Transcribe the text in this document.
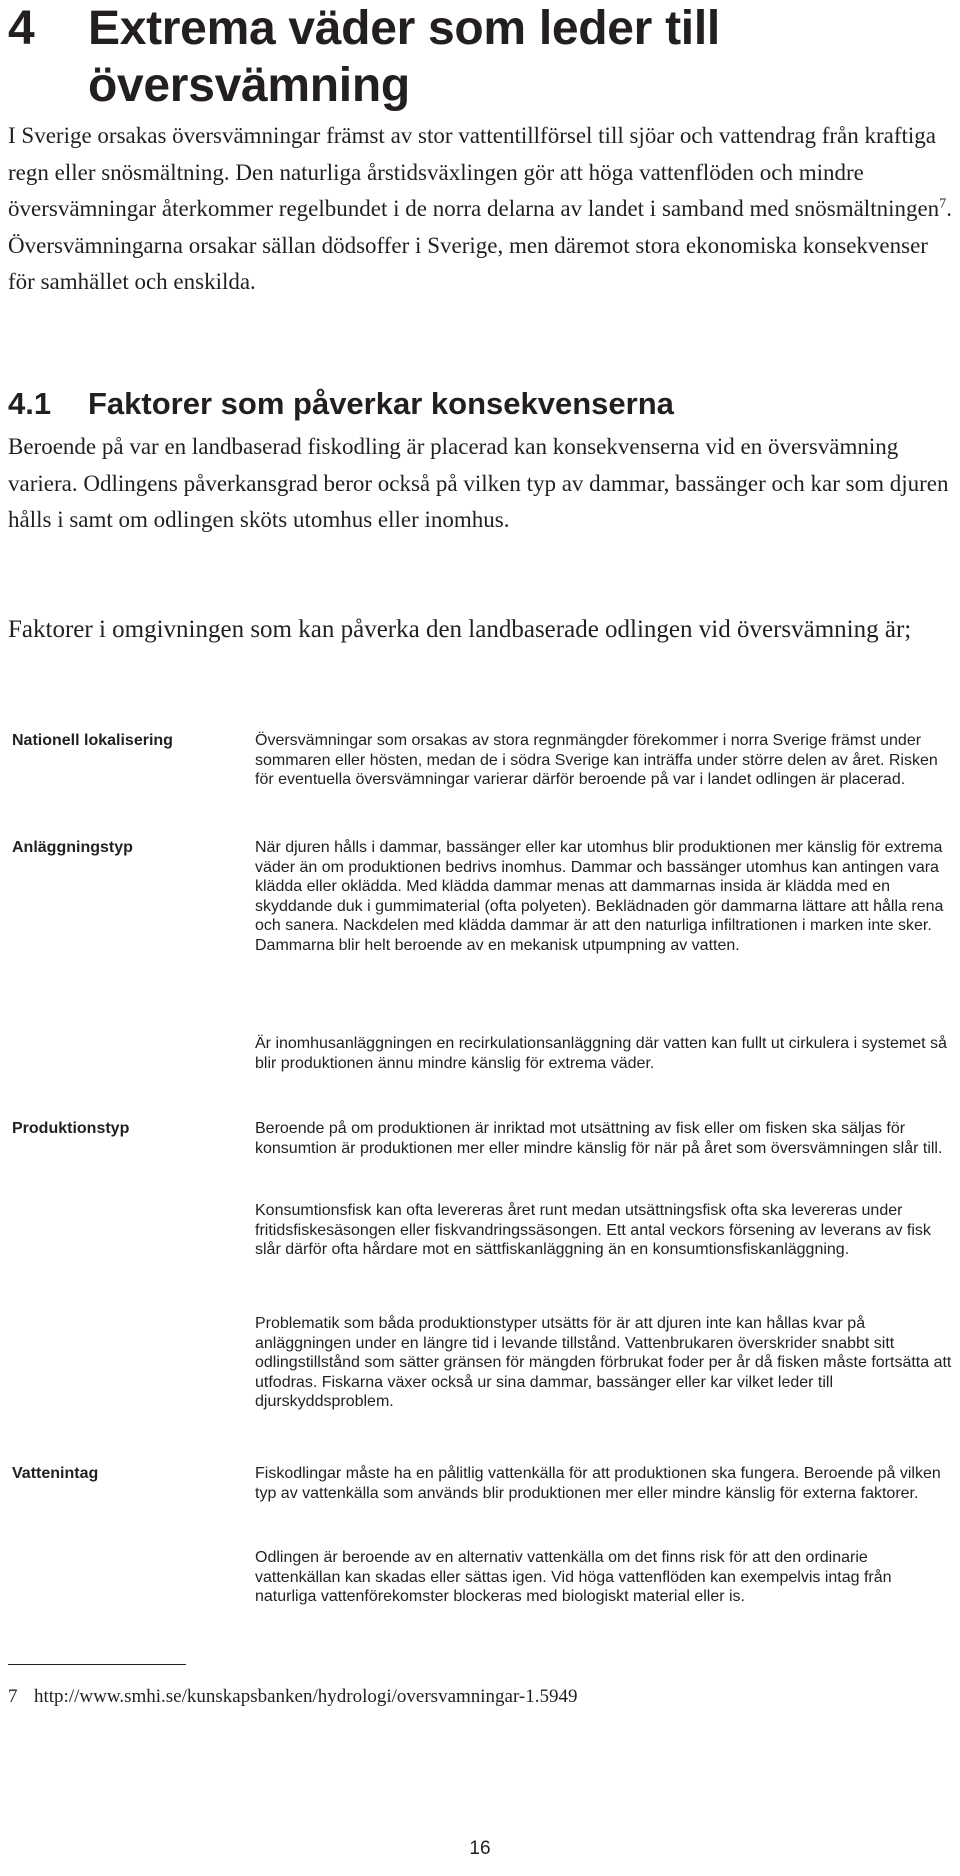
4 Extrema väder som leder till översvämning

I Sverige orsakas översvämningar främst av stor vattentillförsel till sjöar och vattendrag från kraftiga regn eller snösmältning. Den naturliga årstidsväxlingen gör att höga vattenflöden och mindre översvämningar återkommer regelbundet i de norra delarna av landet i samband med snösmältningen$^7$. Översvämningarna orsakar sällan dödsoffer i Sverige, men däremot stora ekonomiska konsekvenser för samhället och enskilda.

4.1 Faktorer som påverkar konsekvenserna

Beroende på var en landbaserad fiskodling är placerad kan konsekvenserna vid en översvämning variera. Odlingens påverkansgrad beror också på vilken typ av dammar, bassänger och kar som djuren hålls i samt om odlingen sköts utomhus eller inomhus.

Faktorer i omgivningen som kan påverka den landbaserade odlingen vid översvämning är;

Nationell lokalisering	Översvämningar som orsakas av stora regnmängder förekommer i norra Sverige främst under sommaren eller hösten, medan de i södra Sverige kan inträffa under större delen av året. Risken för eventuella översvämningar varierar därför beroende på var i landet odlingen är placerad.

Anläggningstyp	När djuren hålls i dammar, bassänger eller kar utomhus blir produktionen mer känslig för extrema väder än om produktionen bedrivs inomhus. Dammar och bassänger utomhus kan antingen vara klädda eller oklädda. Med klädda dammar menas att dammarnas insida är klädda med en skyddande duk i gummimaterial (ofta polyeten). Beklädnaden gör dammarna lättare att hålla rena och sanera. Nackdelen med klädda dammar är att den naturliga infiltrationen i marken inte sker. Dammarna blir helt beroende av en mekanisk utpumpning av vatten.

Är inomhusanläggningen en recirkulationsanläggning där vatten kan fullt ut cirkulera i systemet så blir produktionen ännu mindre känslig för extrema väder.

Produktionstyp	Beroende på om produktionen är inriktad mot utsättning av fisk eller om fisken ska säljas för konsumtion är produktionen mer eller mindre känslig för när på året som översvämningen slår till.

Konsumtionsfisk kan ofta levereras året runt medan utsättningsfisk ofta ska levereras under fritidsfiskesäsongen eller fiskvandringssäsongen. Ett antal veckors försening av leverans av fisk slår därför ofta hårdare mot en sättfiskanläggning än en konsumtionsfiskanläggning.

Problematik som båda produktionstyper utsätts för är att djuren inte kan hållas kvar på anläggningen under en längre tid i levande tillstånd. Vattenbrukaren överskrider snabbt sitt odlingstillstånd som sätter gränsen för mängden förbrukat foder per år då fisken måste fortsätta att utfodras. Fiskarna växer också ur sina dammar, bassänger eller kar vilket leder till djurskyddsproblem.

Vattenintag	Fiskodlingar måste ha en pålitlig vattenkälla för att produktionen ska fungera. Beroende på vilken typ av vattenkälla som används blir produktionen mer eller mindre känslig för externa faktorer.

Odlingen är beroende av en alternativ vattenkälla om det finns risk för att den ordinarie vattenkällan kan skadas eller sättas igen. Vid höga vattenflöden kan exempelvis intag från naturliga vattenförekomster blockeras med biologiskt material eller is.

7 http://www.smhi.se/kunskapsbanken/hydrologi/oversvamningar-1.5949

16
